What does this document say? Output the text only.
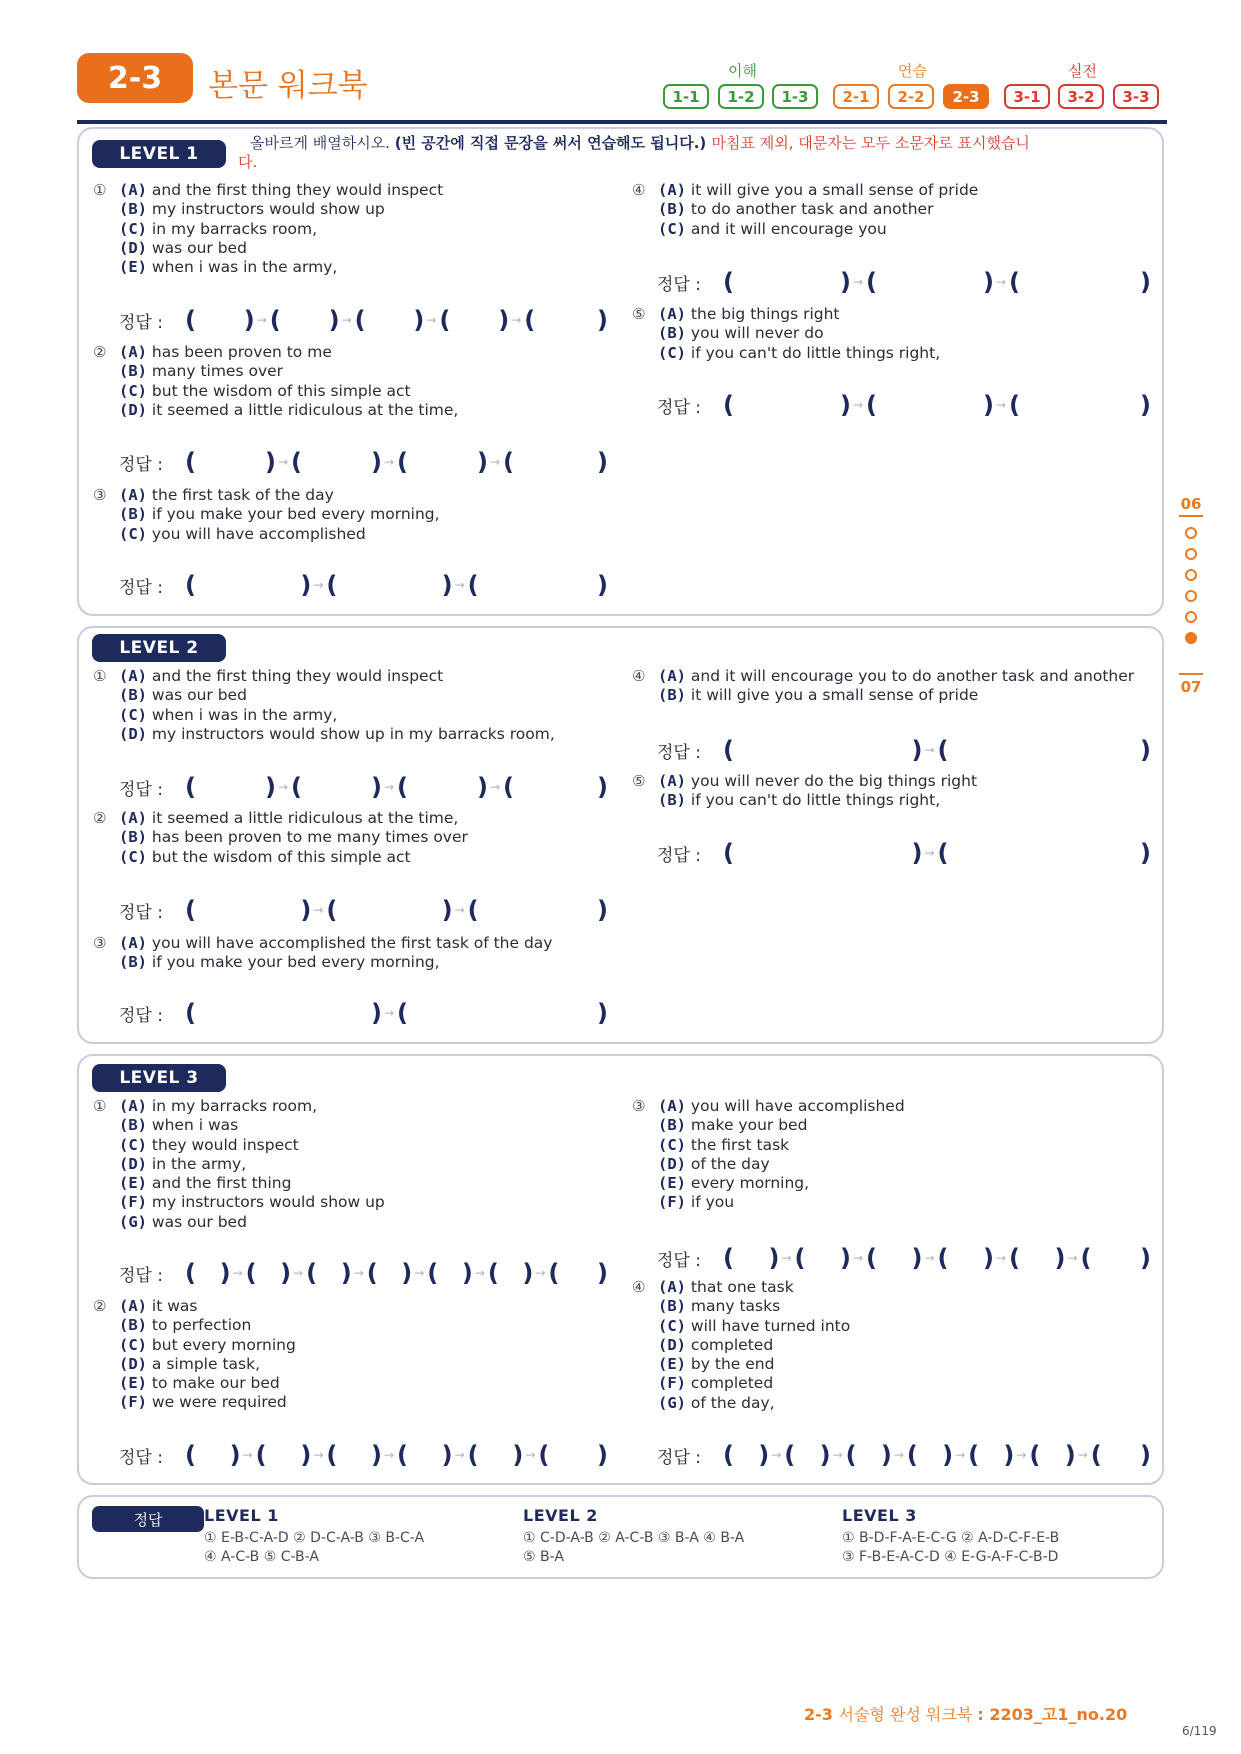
2-3	본문 워크북	이해	연습	실전
1-1	1-2	1-3	2-1	2-2	2-3	3-1	3-2	3-3
LEVEL 1
올바르게 배열하시오. (빈 공간에 직접 문장을 써서 연습해도 됩니다.) 마침표 제외, 대문자는 모두 소문자로 표시했습니
다.
① (A) and the first thing they would inspect
(B) my instructors would show up
(C) in my barracks room,
(D) was our bed
(E) when i was in the army,
정답 : ( ) → ( ) → ( ) → ( ) → (	)
② (A) has been proven to me
(B) many times over
(C) but the wisdom of this simple act
(D) it seemed a little ridiculous at the time,
정답 : (	) → (	) → (	) → (	)
③ (A) the first task of the day
(B) if you make your bed every morning,
(C) you will have accomplished
정답 : (	) → (	) → (	)
④ (A) it will give you a small sense of pride
(B) to do another task and another
(C) and it will encourage you
정답 : (	) → (	) → (	)
⑤ (A) the big things right
(B) you will never do
(C) if you can't do little things right,
정답 : (	) → (	) → (	)
LEVEL 2
① (A) and the first thing they would inspect
(B) was our bed
(C) when i was in the army,
(D) my instructors would show up in my barracks room,
정답 : (	) → (	) → (	) → (	)
② (A) it seemed a little ridiculous at the time,
(B) has been proven to me many times over
(C) but the wisdom of this simple act
정답 : (	) → (	) → (	)
③ (A) you will have accomplished the first task of the day
(B) if you make your bed every morning,
정답 : (	) → (	)
④ (A) and it will encourage you to do another task and another
(B) it will give you a small sense of pride
정답 : (	) → (	)
⑤ (A) you will never do the big things right
(B) if you can't do little things right,
정답 : (	) → (	)
LEVEL 3
① (A) in my barracks room,
(B) when i was
(C) they would inspect
(D) in the army,
(E) and the first thing
(F) my instructors would show up
(G) was our bed
정답 : ( ) → ( ) → ( ) → ( ) → ( ) → ( ) → ( )
② (A) it was
(B) to perfection
(C) but every morning
(D) a simple task,
(E) to make our bed
(F) we were required
정답 : ( ) → ( ) → ( ) → ( ) → ( ) → ( )
③ (A) you will have accomplished
(B) make your bed
(C) the first task
(D) of the day
(E) every morning,
(F) if you
정답 : ( ) → ( ) → ( ) → ( ) → ( ) → ( )
④ (A) that one task
(B) many tasks
(C) will have turned into
(D) completed
(E) by the end
(F) completed
(G) of the day,
정답 : ( ) → ( ) → ( ) → ( ) → ( ) → ( ) → ( )
정답	LEVEL 1
① E-B-C-A-D ② D-C-A-B ③ B-C-A
④ A-C-B ⑤ C-B-A
LEVEL 2
① C-D-A-B ② A-C-B ③ B-A ④ B-A
⑤ B-A
LEVEL 3
① B-D-F-A-E-C-G ② A-D-C-F-E-B
③ F-B-E-A-C-D ④ E-G-A-F-C-B-D
06
07
2-3 서술형 완성 워크북 : 2203_고1_no.20
6/119
